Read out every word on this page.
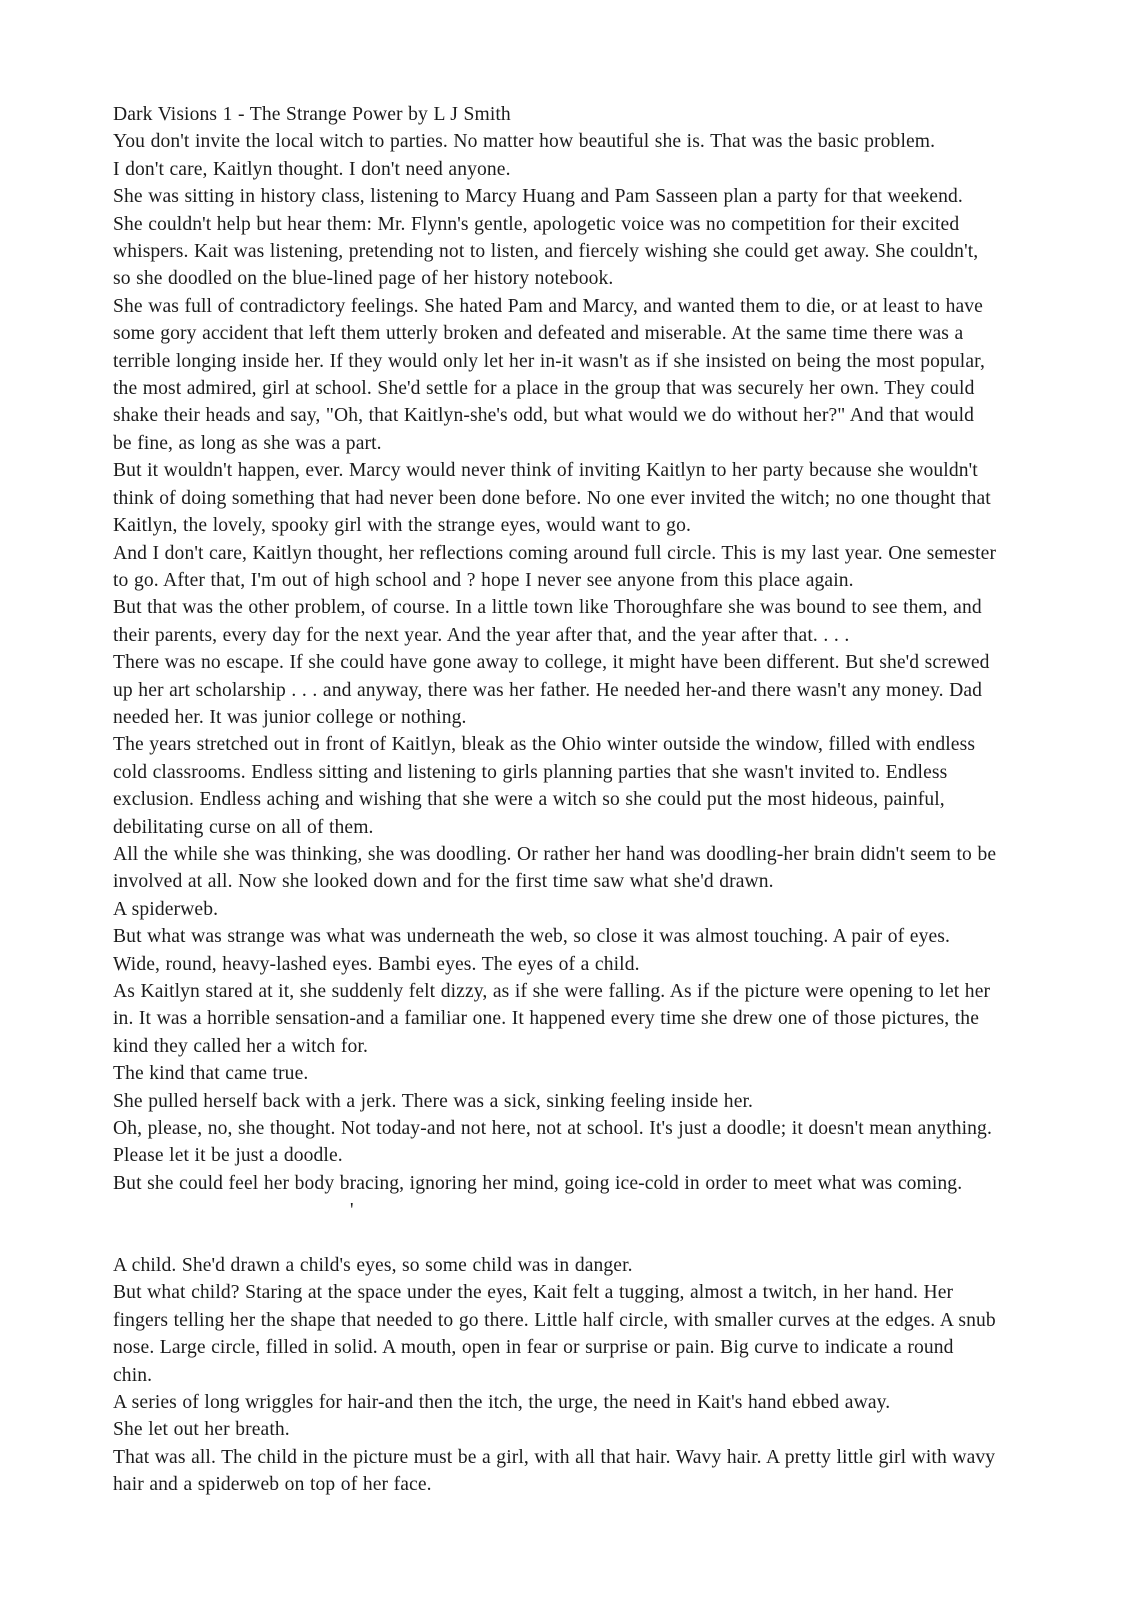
Dark Visions 1 - The Strange Power by L J Smith

You don't invite the local witch to parties. No matter how beautiful she is. That was the basic problem.

I don't care, Kaitlyn thought. I don't need anyone.

She was sitting in history class, listening to Marcy Huang and Pam Sasseen plan a party for that weekend. She couldn't help but hear them: Mr. Flynn's gentle, apologetic voice was no competition for their excited whispers. Kait was listening, pretending not to listen, and fiercely wishing she could get away. She couldn't, so she doodled on the blue-lined page of her history notebook.

She was full of contradictory feelings. She hated Pam and Marcy, and wanted them to die, or at least to have some gory accident that left them utterly broken and defeated and miserable. At the same time there was a terrible longing inside her. If they would only let her in-it wasn't as if she insisted on being the most popular, the most admired, girl at school. She'd settle for a place in the group that was securely her own. They could shake their heads and say, "Oh, that Kaitlyn-she's odd, but what would we do without her?" And that would be fine, as long as she was a part.

But it wouldn't happen, ever. Marcy would never think of inviting Kaitlyn to her party because she wouldn't think of doing something that had never been done before. No one ever invited the witch; no one thought that Kaitlyn, the lovely, spooky girl with the strange eyes, would want to go.

And I don't care, Kaitlyn thought, her reflections coming around full circle. This is my last year. One semester to go. After that, I'm out of high school and ? hope I never see anyone from this place again.

But that was the other problem, of course. In a little town like Thoroughfare she was bound to see them, and their parents, every day for the next year. And the year after that, and the year after that. . . .

There was no escape. If she could have gone away to college, it might have been different. But she'd screwed up her art scholarship . . . and anyway, there was her father. He needed her-and there wasn't any money. Dad needed her. It was junior college or nothing.

The years stretched out in front of Kaitlyn, bleak as the Ohio winter outside the window, filled with endless cold classrooms. Endless sitting and listening to girls planning parties that she wasn't invited to. Endless exclusion. Endless aching and wishing that she were a witch so she could put the most hideous, painful, debilitating curse on all of them.

All the while she was thinking, she was doodling. Or rather her hand was doodling-her brain didn't seem to be involved at all. Now she looked down and for the first time saw what she'd drawn.

A spiderweb.

But what was strange was what was underneath the web, so close it was almost touching. A pair of eyes. Wide, round, heavy-lashed eyes. Bambi eyes. The eyes of a child.

As Kaitlyn stared at it, she suddenly felt dizzy, as if she were falling. As if the picture were opening to let her in. It was a horrible sensation-and a familiar one. It happened every time she drew one of those pictures, the kind they called her a witch for.

The kind that came true.

She pulled herself back with a jerk. There was a sick, sinking feeling inside her.

Oh, please, no, she thought. Not today-and not here, not at school. It's just a doodle; it doesn't mean anything.

Please let it be just a doodle.

But she could feel her body bracing, ignoring her mind, going ice-cold in order to meet what was coming.

'

A child. She'd drawn a child's eyes, so some child was in danger.

But what child? Staring at the space under the eyes, Kait felt a tugging, almost a twitch, in her hand. Her fingers telling her the shape that needed to go there. Little half circle, with smaller curves at the edges. A snub nose. Large circle, filled in solid. A mouth, open in fear or surprise or pain. Big curve to indicate a round chin.

A series of long wriggles for hair-and then the itch, the urge, the need in Kait's hand ebbed away.

She let out her breath.

That was all. The child in the picture must be a girl, with all that hair. Wavy hair. A pretty little girl with wavy hair and a spiderweb on top of her face.
